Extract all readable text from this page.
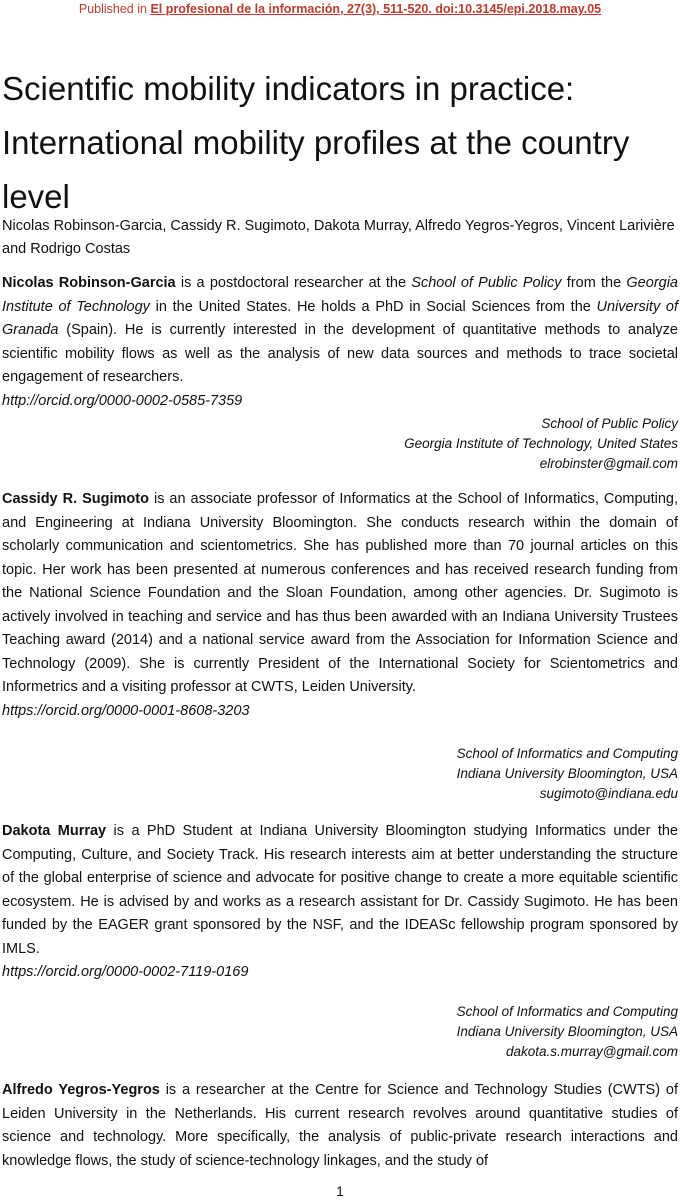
Published in El profesional de la información, 27(3), 511-520. doi:10.3145/epi.2018.may.05
Scientific mobility indicators in practice: International mobility profiles at the country level
Nicolas Robinson-Garcia, Cassidy R. Sugimoto, Dakota Murray, Alfredo Yegros-Yegros, Vincent Larivière and Rodrigo Costas

Nicolas Robinson-Garcia is a postdoctoral researcher at the School of Public Policy from the Georgia Institute of Technology in the United States. He holds a PhD in Social Sciences from the University of Granada (Spain). He is currently interested in the development of quantitative methods to analyze scientific mobility flows as well as the analysis of new data sources and methods to trace societal engagement of researchers.
http://orcid.org/0000-0002-0585-7359

School of Public Policy
Georgia Institute of Technology, United States
elrobinster@gmail.com

Cassidy R. Sugimoto is an associate professor of Informatics at the School of Informatics, Computing, and Engineering at Indiana University Bloomington. She conducts research within the domain of scholarly communication and scientometrics. She has published more than 70 journal articles on this topic. Her work has been presented at numerous conferences and has received research funding from the National Science Foundation and the Sloan Foundation, among other agencies. Dr. Sugimoto is actively involved in teaching and service and has thus been awarded with an Indiana University Trustees Teaching award (2014) and a national service award from the Association for Information Science and Technology (2009). She is currently President of the International Society for Scientometrics and Informetrics and a visiting professor at CWTS, Leiden University.
https://orcid.org/0000-0001-8608-3203

School of Informatics and Computing
Indiana University Bloomington, USA
sugimoto@indiana.edu

Dakota Murray is a PhD Student at Indiana University Bloomington studying Informatics under the Computing, Culture, and Society Track. His research interests aim at better understanding the structure of the global enterprise of science and advocate for positive change to create a more equitable scientific ecosystem. He is advised by and works as a research assistant for Dr. Cassidy Sugimoto. He has been funded by the EAGER grant sponsored by the NSF, and the IDEASc fellowship program sponsored by IMLS.
https://orcid.org/0000-0002-7119-0169

School of Informatics and Computing
Indiana University Bloomington, USA
dakota.s.murray@gmail.com

Alfredo Yegros-Yegros is a researcher at the Centre for Science and Technology Studies (CWTS) of Leiden University in the Netherlands. His current research revolves around quantitative studies of science and technology. More specifically, the analysis of public-private research interactions and knowledge flows, the study of science-technology linkages, and the study of

1
